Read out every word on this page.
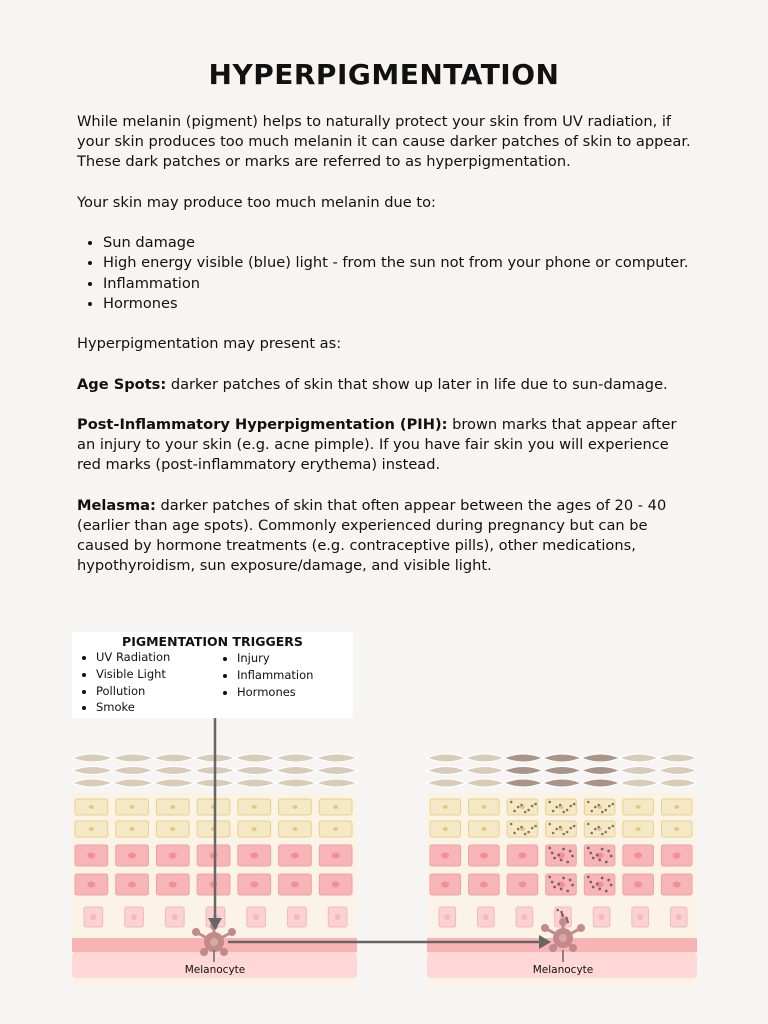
HYPERPIGMENTATION

While melanin (pigment) helps to naturally protect your skin from UV radiation, if your skin produces too much melanin it can cause darker patches of skin to appear. These dark patches or marks are referred to as hyperpigmentation.

Your skin may produce too much melanin due to:

• Sun damage
• High energy visible (blue) light - from the sun not from your phone or computer.
• Inflammation
• Hormones

Hyperpigmentation may present as:

Age Spots: darker patches of skin that show up later in life due to sun-damage.

Post-Inflammatory Hyperpigmentation (PIH): brown marks that appear after an injury to your skin (e.g. acne pimple). If you have fair skin you will experience red marks (post-inflammatory erythema) instead.

Melasma: darker patches of skin that often appear between the ages of 20 - 40 (earlier than age spots). Commonly experienced during pregnancy but can be caused by hormone treatments (e.g. contraceptive pills), other medications, hypothyroidism, sun exposure/damage, and visible light.

PIGMENTATION TRIGGERS
• UV Radiation
• Visible Light
• Pollution
• Smoke
• Injury
• Inflammation
• Hormones
Melanocyte	Melanocyte
